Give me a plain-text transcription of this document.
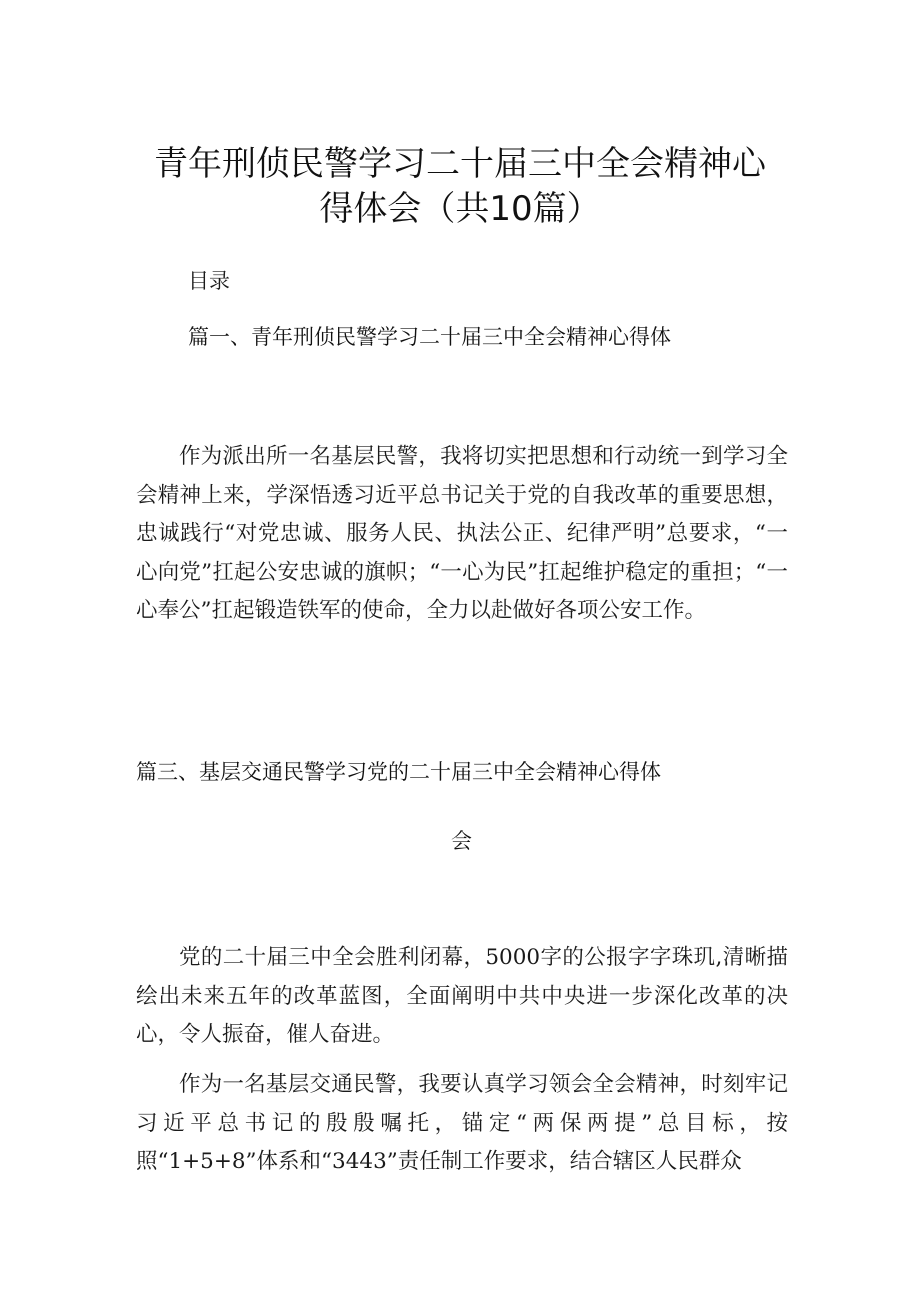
青年刑侦民警学习二十届三中全会精神心
得体会（共10篇）
目录
篇一、青年刑侦民警学习二十届三中全会精神心得体

作为派出所一名基层民警，我将切实把思想和行动统一到学习全会精神上来，学深悟透习近平总书记关于党的自我改革的重要思想，忠诚践行“对党忠诚、服务人民、执法公正、纪律严明”总要求，“一心向党”扛起公安忠诚的旗帜；“一心为民”扛起维护稳定的重担；“一心奉公”扛起锻造铁军的使命，全力以赴做好各项公安工作。

篇三、基层交通民警学习党的二十届三中全会精神心得体
会

党的二十届三中全会胜利闭幕，5000字的公报字字珠玑,清晰描绘出未来五年的改革蓝图，全面阐明中共中央进一步深化改革的决心，令人振奋，催人奋进。

作为一名基层交通民警，我要认真学习领会全会精神，时刻牢记习近平总书记的殷殷嘱托，锚定“两保两提”总目标，按照“1+5+8”体系和“3443”责任制工作要求，结合辖区人民群众
